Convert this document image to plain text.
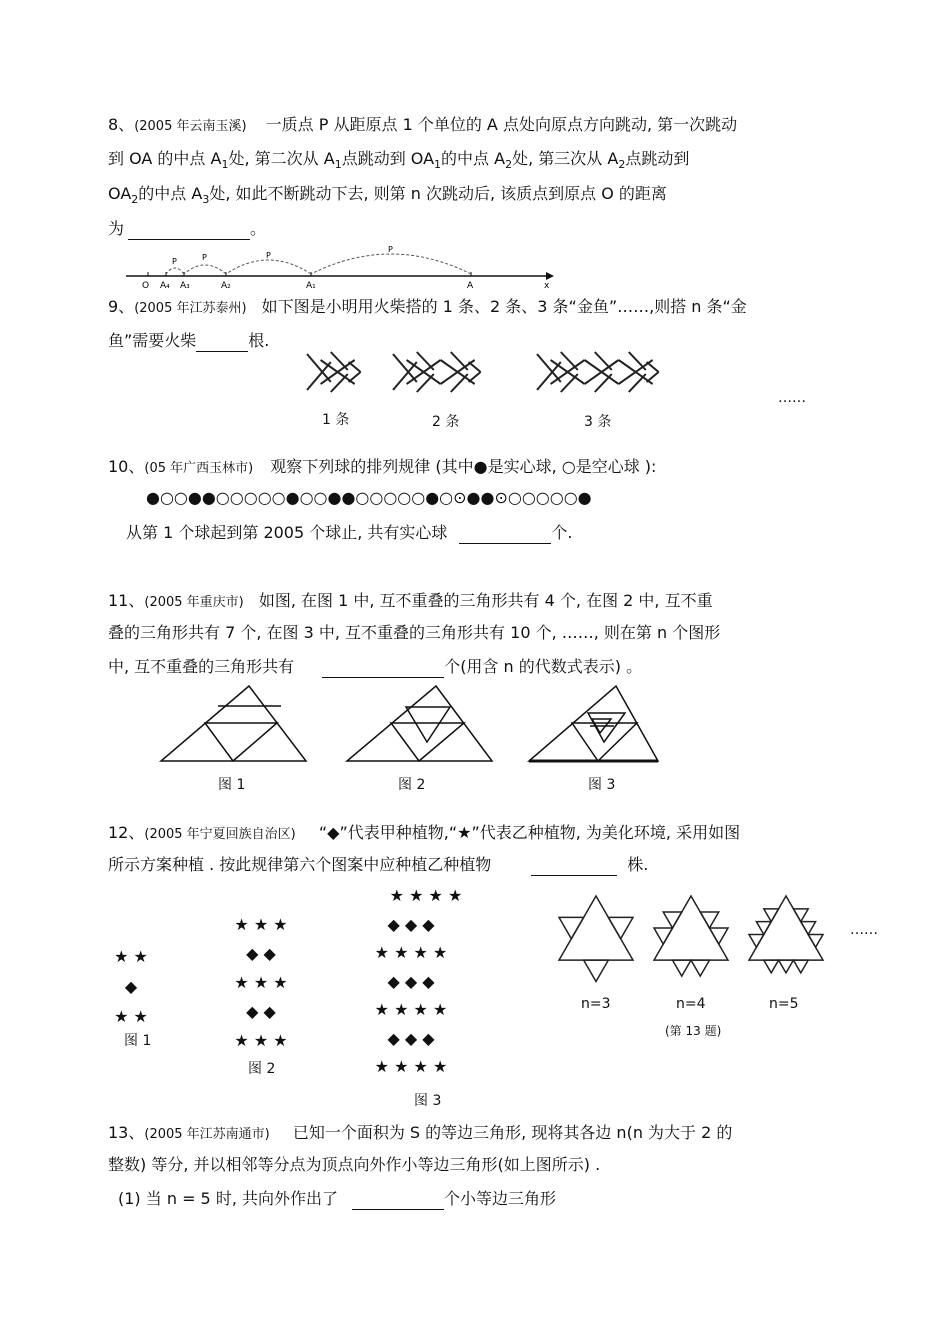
8、(2005 年云南玉溪) 一质点 P 从距原点 1 个单位的 A 点处向原点方向跳动, 第一次跳动
到 OA 的中点 $A_1$处, 第二次从 $A_1$点跳动到 $OA_1$的中点 $A_2$处, 第三次从 $A_2$点跳动到
$OA_2$的中点 $A_3$处, 如此不断跳动下去, 则第 n 次跳动后, 该质点到原点 O 的距离
为	。
O A₄ A₃	A₂	A₁	A	x
P	P	P
P
9、(2005 年江苏泰州) 如下图是小明用火柴搭的 1 条、2 条、3 条“金鱼”……,则搭 n 条“金
鱼”需要火柴	根.
1 条	2 条	3 条
……
10、(05 年广西玉林市) 观察下列球的排列规律 (其中●是实心球, ○是空心球 ):
●○○●●○○○○○●○○●●○○○○○●○⊙●●⊙○○○○○●
从第 1 个球起到第 2005 个球止, 共有实心球	个.
11、(2005 年重庆市) 如图, 在图 1 中, 互不重叠的三角形共有 4 个, 在图 2 中, 互不重
叠的三角形共有 7 个, 在图 3 中, 互不重叠的三角形共有 10 个, ……, 则在第 n 个图形
中, 互不重叠的三角形共有	个(用含 n 的代数式表示) 。
图 1	图 2	图 3
12、(2005 年宁夏回族自治区) “◆”代表甲种植物,“★”代表乙种植物, 为美化环境, 采用如图
所示方案种植 . 按此规律第六个图案中应种植乙种植物	株.
★ ★
◆
★ ★
图 1
★ ★ ★
◆ ◆
★ ★ ★
◆ ◆
★ ★ ★
图 2
★ ★ ★ ★
◆ ◆ ◆
★ ★ ★ ★
◆ ◆ ◆
★ ★ ★ ★
◆ ◆ ◆
★ ★ ★ ★
图 3
n=3	n=4	n=5
(第 13 题)
……
13、(2005 年江苏南通市) 已知一个面积为 S 的等边三角形, 现将其各边 n(n 为大于 2 的
整数) 等分, 并以相邻等分点为顶点向外作小等边三角形(如上图所示) .
(1) 当 n = 5 时, 共向外作出了	个小等边三角形
